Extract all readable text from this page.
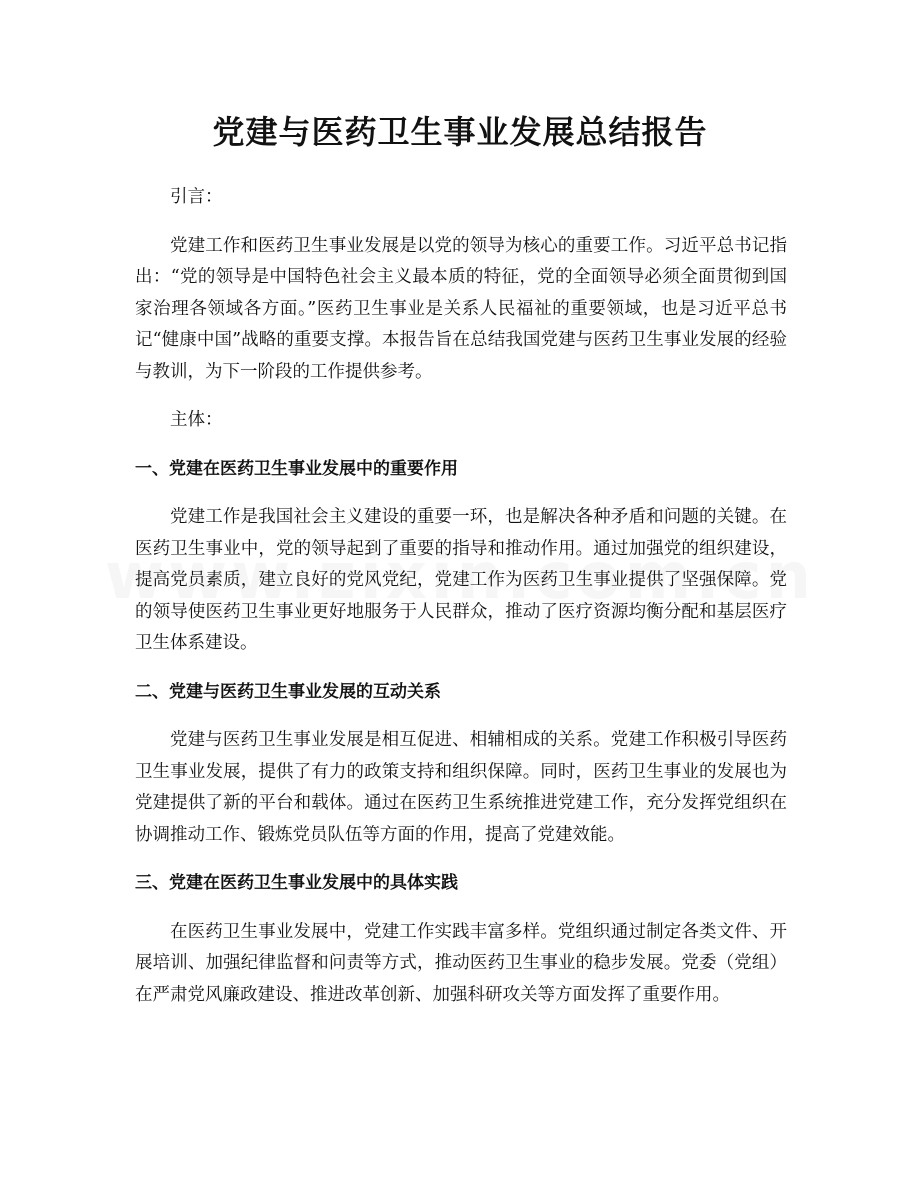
党建与医药卫生事业发展总结报告

引言：

党建工作和医药卫生事业发展是以党的领导为核心的重要工作。习近平总书记指出：“党的领导是中国特色社会主义最本质的特征，党的全面领导必须全面贯彻到国家治理各领域各方面。”医药卫生事业是关系人民福祉的重要领域，也是习近平总书记“健康中国”战略的重要支撑。本报告旨在总结我国党建与医药卫生事业发展的经验与教训，为下一阶段的工作提供参考。

主体：

一、党建在医药卫生事业发展中的重要作用

党建工作是我国社会主义建设的重要一环，也是解决各种矛盾和问题的关键。在医药卫生事业中，党的领导起到了重要的指导和推动作用。通过加强党的组织建设，提高党员素质，建立良好的党风党纪，党建工作为医药卫生事业提供了坚强保障。党的领导使医药卫生事业更好地服务于人民群众，推动了医疗资源均衡分配和基层医疗卫生体系建设。

二、党建与医药卫生事业发展的互动关系

党建与医药卫生事业发展是相互促进、相辅相成的关系。党建工作积极引导医药卫生事业发展，提供了有力的政策支持和组织保障。同时，医药卫生事业的发展也为党建提供了新的平台和载体。通过在医药卫生系统推进党建工作，充分发挥党组织在协调推动工作、锻炼党员队伍等方面的作用，提高了党建效能。

三、党建在医药卫生事业发展中的具体实践

在医药卫生事业发展中，党建工作实践丰富多样。党组织通过制定各类文件、开展培训、加强纪律监督和问责等方式，推动医药卫生事业的稳步发展。党委（党组）在严肃党风廉政建设、推进改革创新、加强科研攻关等方面发挥了重要作用。
